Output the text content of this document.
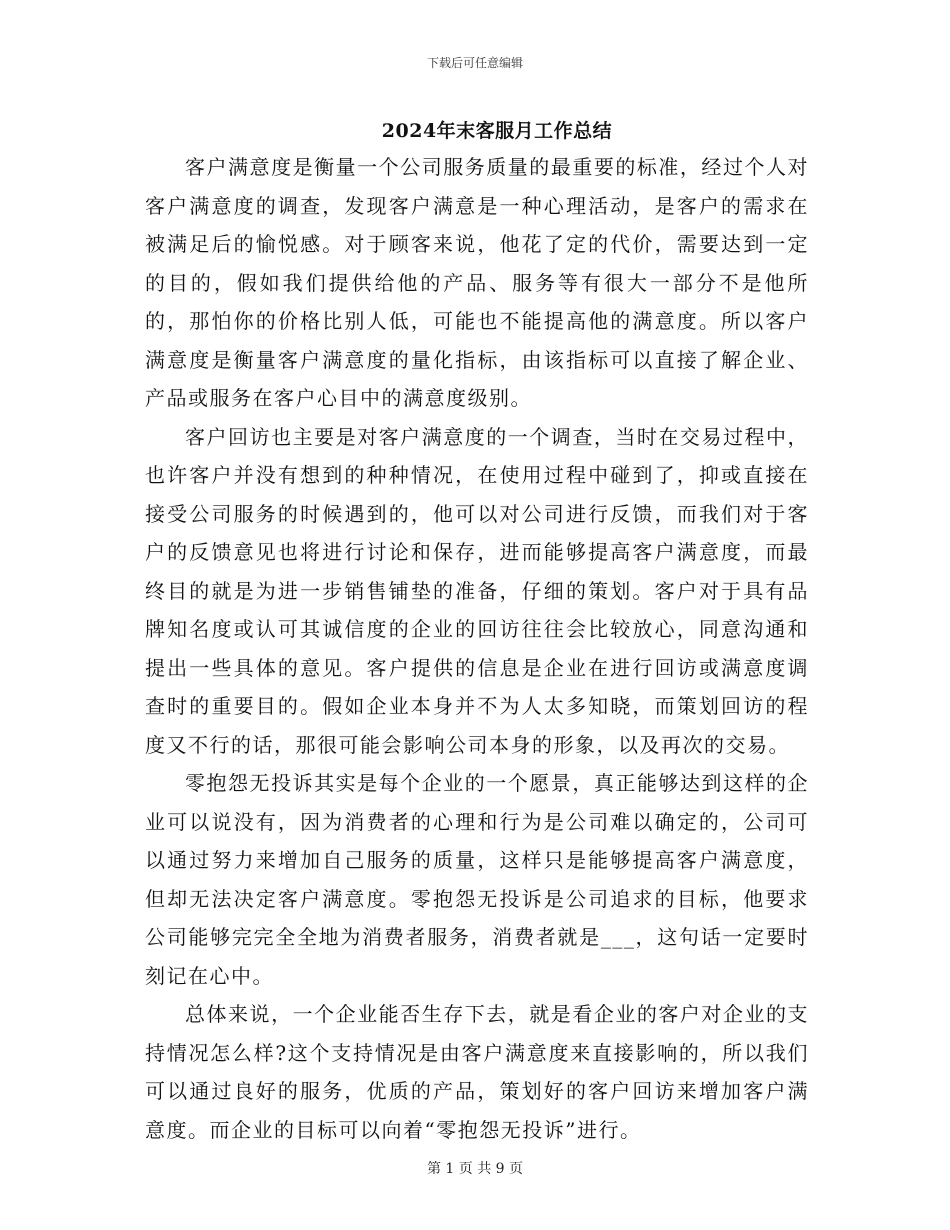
下载后可任意编辑
2024年末客服月工作总结

客户满意度是衡量一个公司服务质量的最重要的标准，经过个人对客户满意度的调查，发现客户满意是一种心理活动，是客户的需求在被满足后的愉悦感。对于顾客来说，他花了定的代价，需要达到一定的目的，假如我们提供给他的产品、服务等有很大一部分不是他所的，那怕你的价格比别人低，可能也不能提高他的满意度。所以客户满意度是衡量客户满意度的量化指标，由该指标可以直接了解企业、产品或服务在客户心目中的满意度级别。

客户回访也主要是对客户满意度的一个调查，当时在交易过程中，也许客户并没有想到的种种情况，在使用过程中碰到了，抑或直接在接受公司服务的时候遇到的，他可以对公司进行反馈，而我们对于客户的反馈意见也将进行讨论和保存，进而能够提高客户满意度，而最终目的就是为进一步销售铺垫的准备，仔细的策划。客户对于具有品牌知名度或认可其诚信度的企业的回访往往会比较放心，同意沟通和提出一些具体的意见。客户提供的信息是企业在进行回访或满意度调查时的重要目的。假如企业本身并不为人太多知晓，而策划回访的程度又不行的话，那很可能会影响公司本身的形象，以及再次的交易。

零抱怨无投诉其实是每个企业的一个愿景，真正能够达到这样的企业可以说没有，因为消费者的心理和行为是公司难以确定的，公司可以通过努力来增加自己服务的质量，这样只是能够提高客户满意度，但却无法决定客户满意度。零抱怨无投诉是公司追求的目标，他要求公司能够完完全全地为消费者服务，消费者就是___，这句话一定要时刻记在心中。

总体来说，一个企业能否生存下去，就是看企业的客户对企业的支持情况怎么样?这个支持情况是由客户满意度来直接影响的，所以我们可以通过良好的服务，优质的产品，策划好的客户回访来增加客户满意度。而企业的目标可以向着“零抱怨无投诉”进行。

第 1 页 共 9 页
